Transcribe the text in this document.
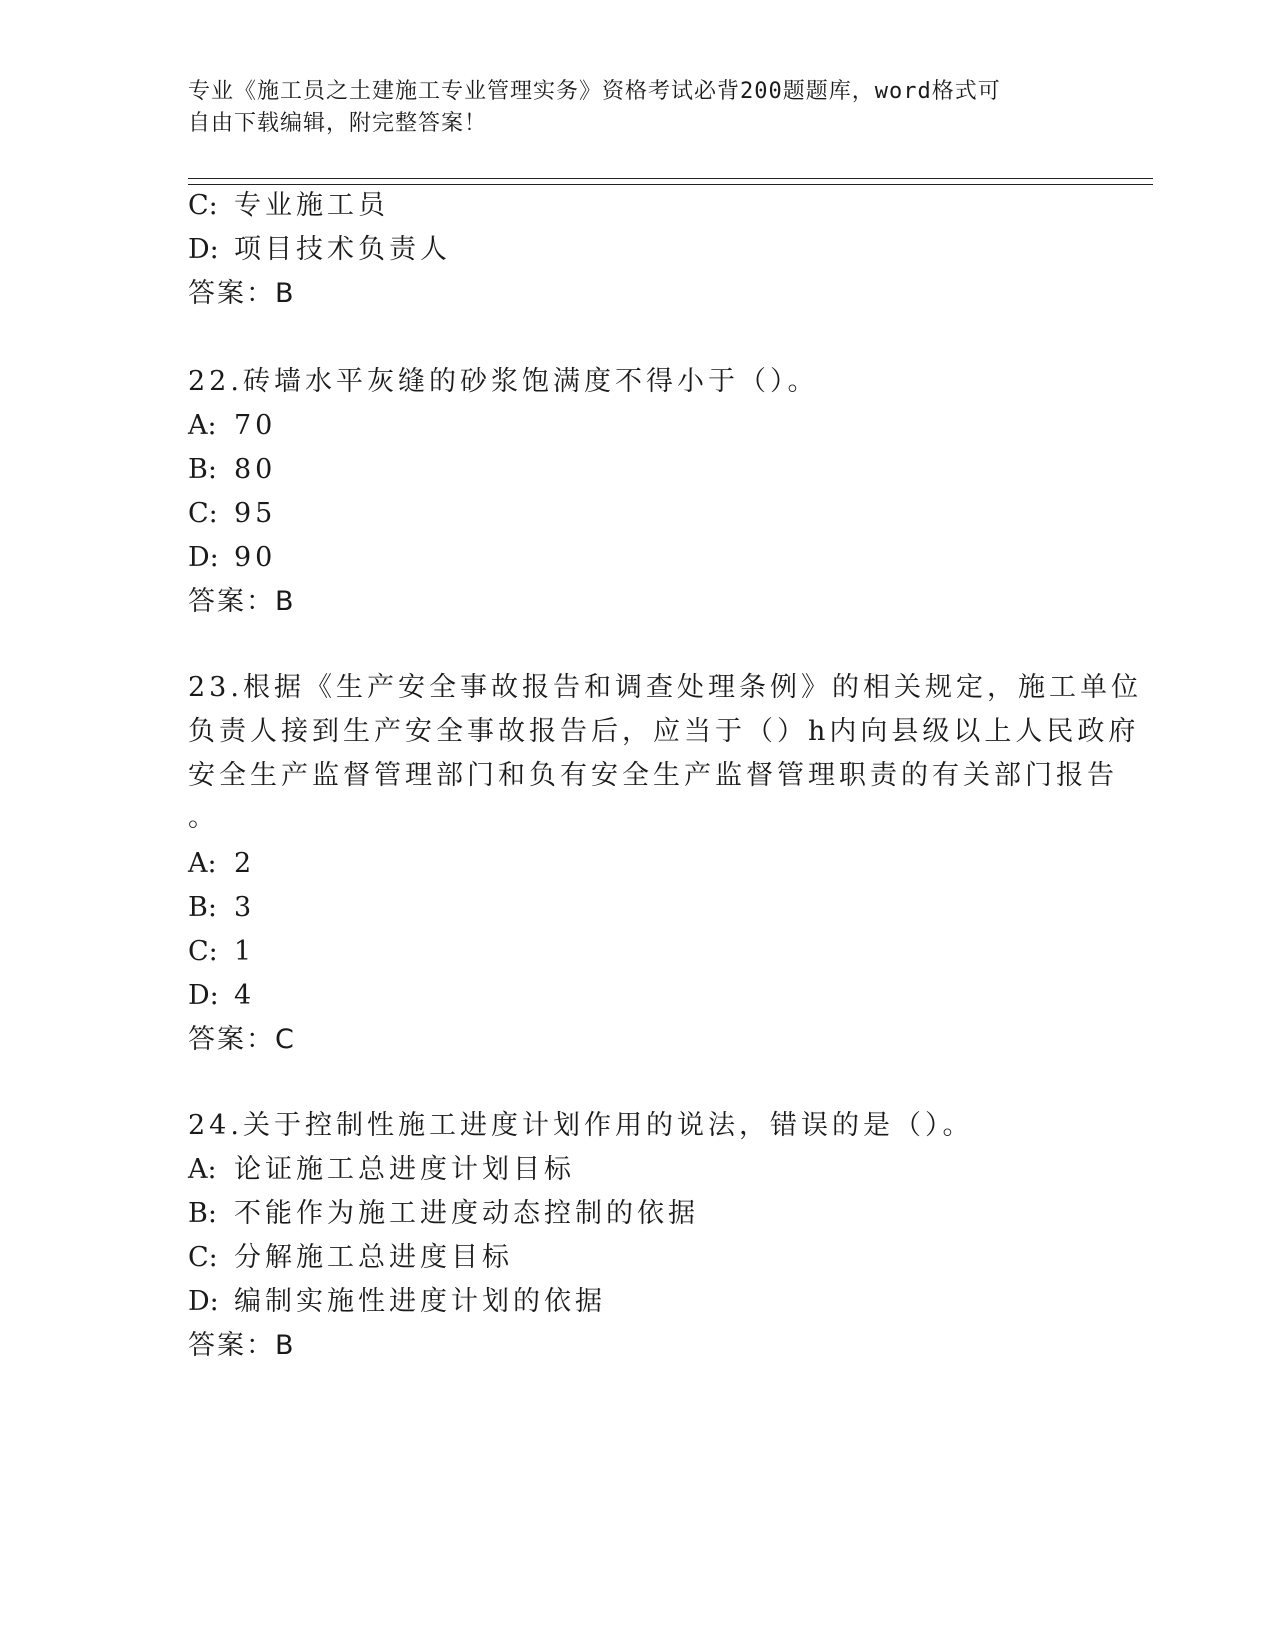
专业《施工员之土建施工专业管理实务》资格考试必背200题题库，word格式可
自由下载编辑，附完整答案！
C: 专业施工员
D: 项目技术负责人
答案：B
22.砖墙水平灰缝的砂浆饱满度不得小于（）。
A: 70
B: 80
C: 95
D: 90
答案：B
23.根据《生产安全事故报告和调查处理条例》的相关规定，施工单位
负责人接到生产安全事故报告后，应当于（）h内向县级以上人民政府
安全生产监督管理部门和负有安全生产监督管理职责的有关部门报告
。
A: 2
B: 3
C: 1
D: 4
答案：C
24.关于控制性施工进度计划作用的说法，错误的是（）。
A: 论证施工总进度计划目标
B: 不能作为施工进度动态控制的依据
C: 分解施工总进度目标
D: 编制实施性进度计划的依据
答案：B
